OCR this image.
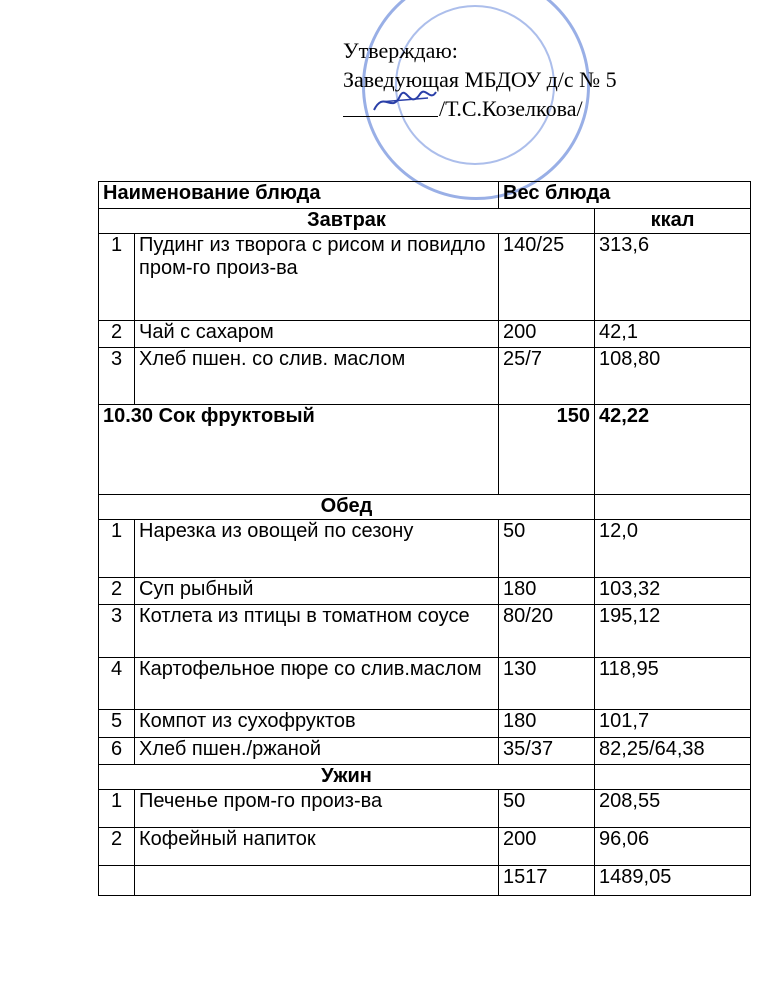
Утверждаю:
Заведующая МБДОУ д/с № 5
/Т.С.Козелкова/
Наименование блюда		Вес блюда	
Завтрак			ккал
1	Пудинг из творога с рисом и повидло пром-го произ-ва	140/25	313,6
2	Чай с сахаром	200	42,1
3	Хлеб пшен. со слив. маслом	25/7	108,80
10.30 Сок фруктовый		150	42,22
Обед			
1	Нарезка из овощей по сезону	50	12,0
2	Суп рыбный	180	103,32
3	Котлета из птицы в томатном соусе	80/20	195,12
4	Картофельное пюре со слив.маслом	130	118,95
5	Компот из сухофруктов	180	101,7
6	Хлеб пшен./ржаной	35/37	82,25/64,38
Ужин			
1	Печенье пром-го произ-ва	50	208,55
2	Кофейный напиток	200	96,06
		1517	1489,05
